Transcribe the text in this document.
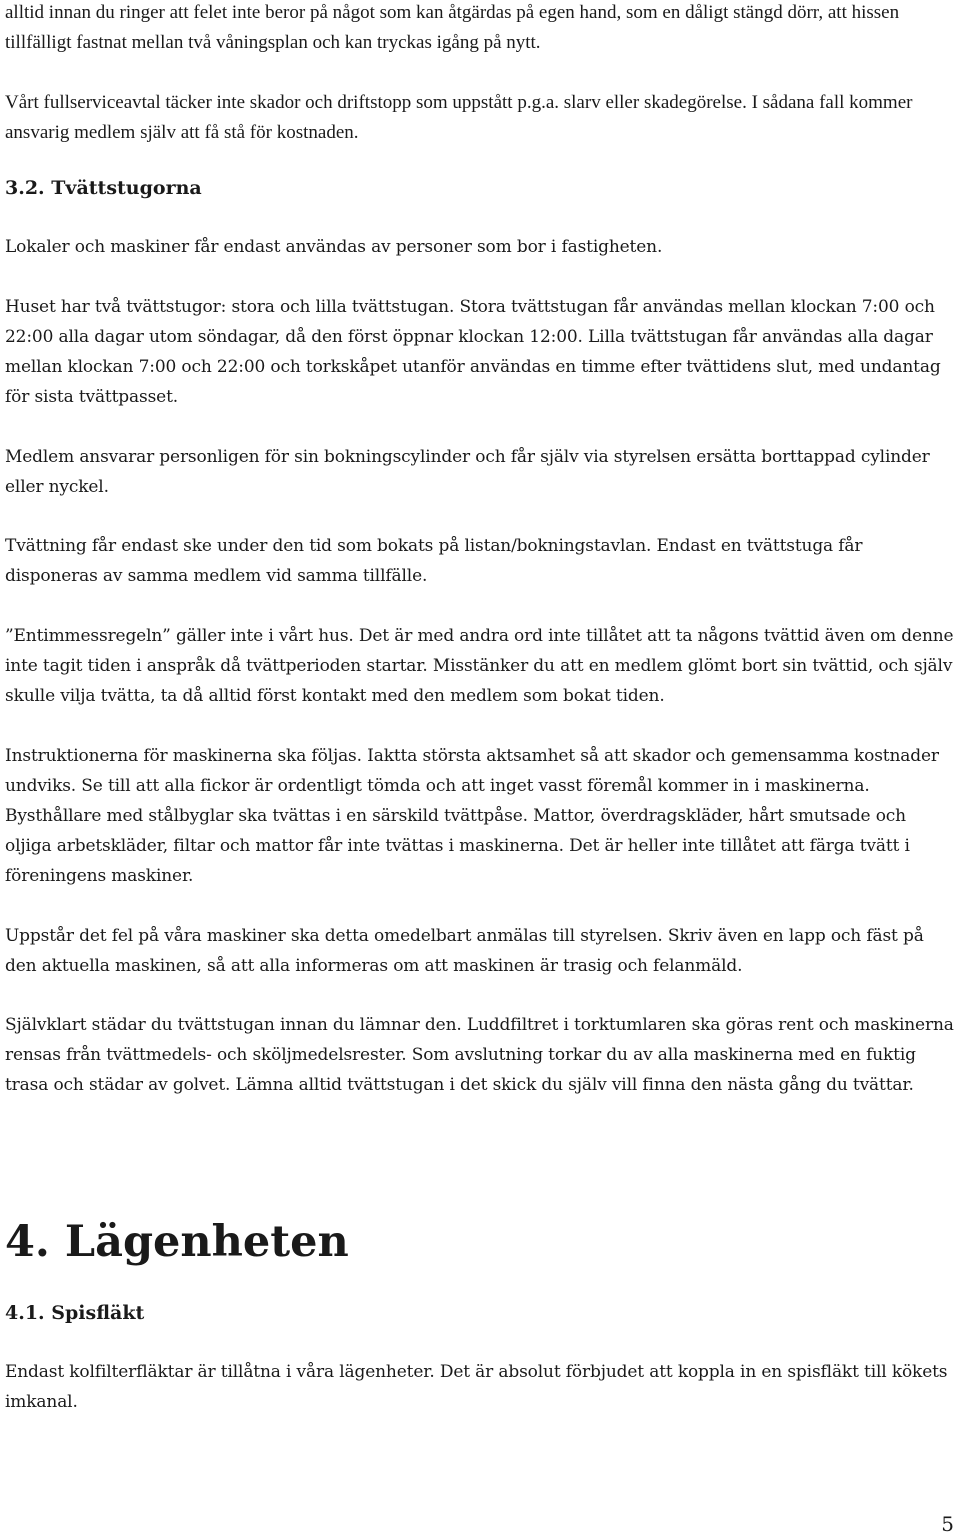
alltid innan du ringer att felet inte beror på något som kan åtgärdas på egen hand, som en dåligt stängd dörr, att hissen tillfälligt fastnat mellan två våningsplan och kan tryckas igång på nytt.

Vårt fullserviceavtal täcker inte skador och driftstopp som uppstått p.g.a. slarv eller skadegörelse. I sådana fall kommer ansvarig medlem själv att få stå för kostnaden.

3.2. Tvättstugorna

Lokaler och maskiner får endast användas av personer som bor i fastigheten.

Huset har två tvättstugor: stora och lilla tvättstugan. Stora tvättstugan får användas mellan klockan 7:00 och 22:00 alla dagar utom söndagar, då den först öppnar klockan 12:00. Lilla tvättstugan får användas alla dagar mellan klockan 7:00 och 22:00 och torkskåpet utanför användas en timme efter tvättidens slut, med undantag för sista tvättpasset.

Medlem ansvarar personligen för sin bokningscylinder och får själv via styrelsen ersätta borttappad cylinder eller nyckel.

Tvättning får endast ske under den tid som bokats på listan/bokningstavlan. Endast en tvättstuga får disponeras av samma medlem vid samma tillfälle.

”Entimmessregeln” gäller inte i vårt hus. Det är med andra ord inte tillåtet att ta någons tvättid även om denne inte tagit tiden i anspråk då tvättperioden startar. Misstänker du att en medlem glömt bort sin tvättid, och själv skulle vilja tvätta, ta då alltid först kontakt med den medlem som bokat tiden.

Instruktionerna för maskinerna ska följas. Iaktta största aktsamhet så att skador och gemensamma kostnader undviks. Se till att alla fickor är ordentligt tömda och att inget vasst föremål kommer in i maskinerna. Bysthållare med stålbyglar ska tvättas i en särskild tvättpåse. Mattor, överdragskläder, hårt smutsade och oljiga arbetskläder, filtar och mattor får inte tvättas i maskinerna. Det är heller inte tillåtet att färga tvätt i föreningens maskiner.

Uppstår det fel på våra maskiner ska detta omedelbart anmälas till styrelsen. Skriv även en lapp och fäst på den aktuella maskinen, så att alla informeras om att maskinen är trasig och felanmäld.

Självklart städar du tvättstugan innan du lämnar den. Luddfiltret i torktumlaren ska göras rent och maskinerna rensas från tvättmedels- och sköljmedelsrester. Som avslutning torkar du av alla maskinerna med en fuktig trasa och städar av golvet. Lämna alltid tvättstugan i det skick du själv vill finna den nästa gång du tvättar.

4. Lägenheten
4.1. Spisfläkt

Endast kolfilterfläktar är tillåtna i våra lägenheter. Det är absolut förbjudet att koppla in en spisfläkt till kökets imkanal.

5
